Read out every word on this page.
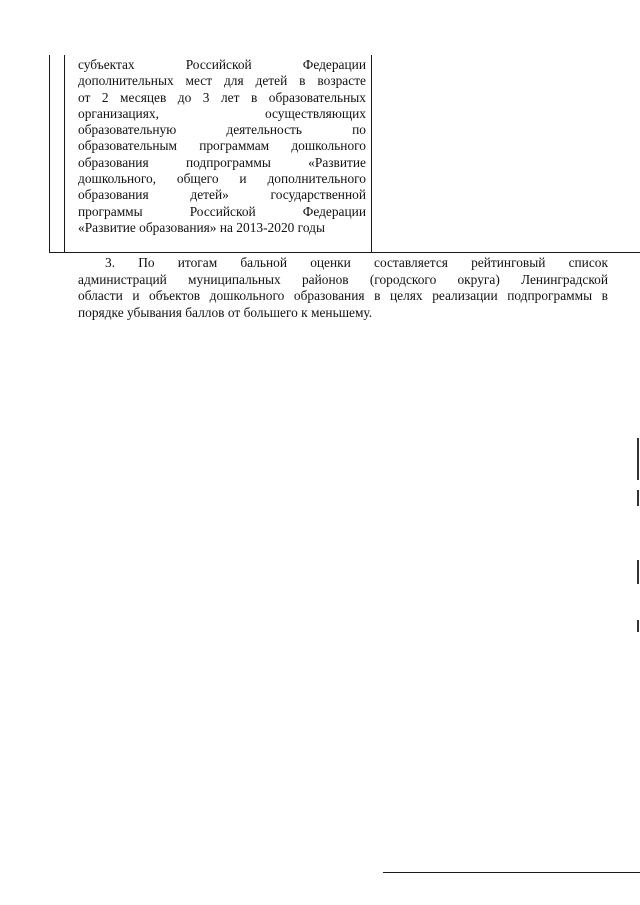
субъектах Российской Федерации
дополнительных мест для детей в возрасте
от 2 месяцев до 3 лет в образовательных
организациях, осуществляющих
образовательную деятельность по
образовательным программам дошкольного
образования подпрограммы «Развитие
дошкольного, общего и дополнительного
образования детей» государственной
программы Российской Федерации
«Развитие образования» на 2013-2020 годы
3. По итогам бальной оценки составляется рейтинговый список
администраций муниципальных районов (городского округа) Ленинградской
области и объектов дошкольного образования в целях реализации подпрограммы в
порядке убывания баллов от большего к меньшему.
